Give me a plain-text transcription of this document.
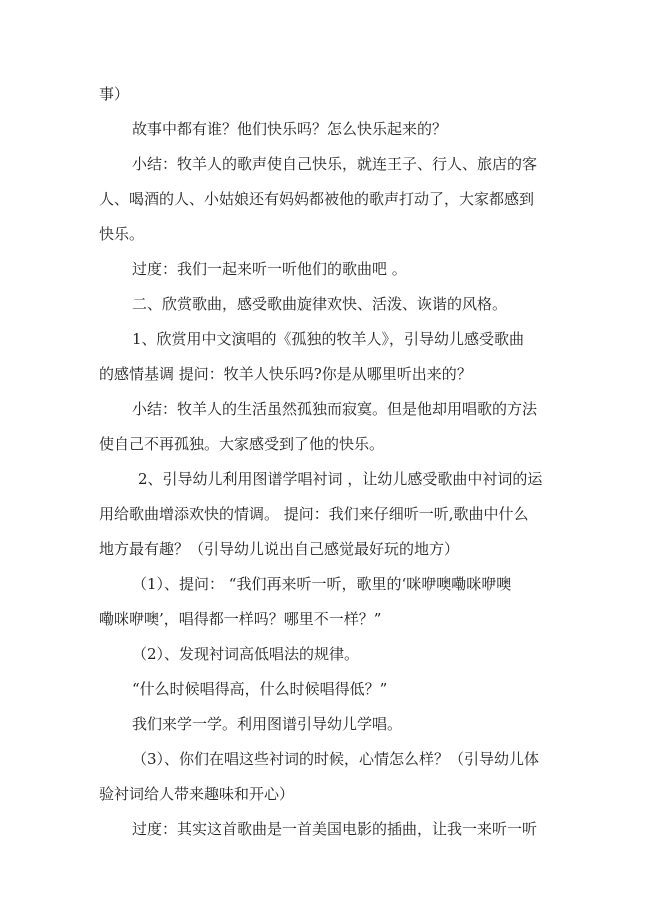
事）
故事中都有谁？他们快乐吗？怎么快乐起来的？
小结：牧羊人的歌声使自己快乐，就连王子、行人、旅店的客
人、喝酒的人、小姑娘还有妈妈都被他的歌声打动了，大家都感到
快乐。
过度：我们一起来听一听他们的歌曲吧 。
二、欣赏歌曲，感受歌曲旋律欢快、活泼、诙谐的风格。
1、欣赏用中文演唱的《孤独的牧羊人》，引导幼儿感受歌曲
的感情基调 提问：牧羊人快乐吗?你是从哪里听出来的？
小结：牧羊人的生活虽然孤独而寂寞。但是他却用唱歌的方法
使自己不再孤独。大家感受到了他的快乐。
2、引导幼儿利用图谱学唱衬词 ，让幼儿感受歌曲中衬词的运
用给歌曲增添欢快的情调。 提问：我们来仔细听一听,歌曲中什么
地方最有趣？（引导幼儿说出自己感觉最好玩的地方）
（1）、提问： “我们再来听一听，歌里的‘咪咿噢嘞咪咿噢
嘞咪咿噢’，唱得都一样吗？哪里不一样？”
（2）、发现衬词高低唱法的规律。
“什么时候唱得高，什么时候唱得低？”
我们来学一学。利用图谱引导幼儿学唱。
（3）、你们在唱这些衬词的时候，心情怎么样？（引导幼儿体
验衬词给人带来趣味和开心）
过度：其实这首歌曲是一首美国电影的插曲，让我一来听一听
